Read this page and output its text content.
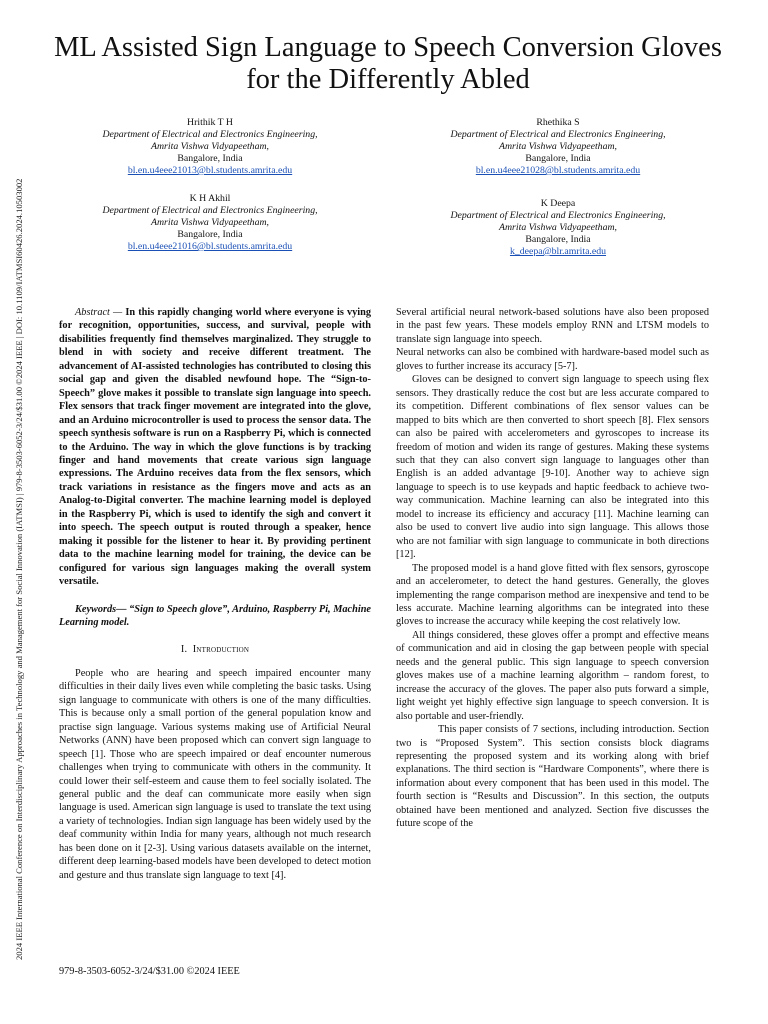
2024 IEEE International Conference on Interdisciplinary Approaches in Technology and Management for Social Innovation (IATMSI) | 979-8-3503-6052-3/24/$31.00 ©2024 IEEE | DOI: 10.1109/IATMSI60426.2024.10503002
ML Assisted Sign Language to Speech Conversion Gloves for the Differently Abled
Hrithik T H
Department of Electrical and Electronics Engineering,
Amrita Vishwa Vidyapeetham,
Bangalore, India
bl.en.u4eee21013@bl.students.amrita.edu
K H Akhil
Department of Electrical and Electronics Engineering,
Amrita Vishwa Vidyapeetham,
Bangalore, India
bl.en.u4eee21016@bl.students.amrita.edu
Rhethika S
Department of Electrical and Electronics Engineering,
Amrita Vishwa Vidyapeetham,
Bangalore, India
bl.en.u4eee21028@bl.students.amrita.edu
K Deepa
Department of Electrical and Electronics Engineering,
Amrita Vishwa Vidyapeetham,
Bangalore, India
k_deepa@blr.amrita.edu

Abstract — In this rapidly changing world where everyone is vying for recognition, opportunities, success, and survival, people with disabilities frequently find themselves marginalized. They struggle to blend in with society and receive different treatment. The advancement of AI-assisted technologies has contributed to closing this social gap and given the disabled newfound hope. The “Sign-to-Speech” glove makes it possible to translate sign language into speech. Flex sensors that track finger movement are integrated into the glove, and an Arduino microcontroller is used to process the sensor data. The speech synthesis software is run on a Raspberry Pi, which is connected to the Arduino. The way in which the glove functions is by tracking finger and hand movements that create various sign language expressions. The Arduino receives data from the flex sensors, which track variations in resistance as the fingers move and acts as an Analog-to-Digital converter. The machine learning model is deployed in the Raspberry Pi, which is used to identify the sigh and convert it into speech. The speech output is routed through a speaker, hence making it possible for the listener to hear it. By providing pertinent data to the machine learning model for training, the device can be configured for various sign languages making the overall system versatile.

Keywords— “Sign to Speech glove”, Arduino, Raspberry Pi, Machine Learning model.

I. Introduction

People who are hearing and speech impaired encounter many difficulties in their daily lives even while completing the basic tasks. Using sign language to communicate with others is one of the many difficulties. This is because only a small portion of the general population know and practise sign language. Various systems making use of Artificial Neural Networks (ANN) have been proposed which can convert sign language to speech [1]. Those who are speech impaired or deaf encounter numerous challenges when trying to communicate with others in the community. It could lower their self-esteem and cause them to feel socially isolated. The general public and the deaf can communicate more easily when sign language is used. American sign language is used to translate the text using a variety of technologies. Indian sign language has been widely used by the deaf community within India for many years, although not much research has been done on it [2-3]. Using various datasets available on the internet, different deep learning-based models have been developed to detect motion and gesture and thus translate sign language to text [4].

Several artificial neural network-based solutions have also been proposed in the past few years. These models employ RNN and LTSM models to translate sign language into speech.

Neural networks can also be combined with hardware-based model such as gloves to further increase its accuracy [5-7].

Gloves can be designed to convert sign language to speech using flex sensors. They drastically reduce the cost but are less accurate compared to its competition. Different combinations of flex sensor values can be mapped to bits which are then converted to short speech [8]. Flex sensors can also be paired with accelerometers and gyroscopes to increase its freedom of motion and widen its range of gestures. Making these systems such that they can also convert sign language to languages other than English is an added advantage [9-10]. Another way to achieve sign language to speech is to use keypads and haptic feedback to achieve two-way communication. Machine learning can also be integrated into this model to increase its efficiency and accuracy [11]. Machine learning can also be used to convert live audio into sign language. This allows those who are not familiar with sign language to communicate in both directions [12].

The proposed model is a hand glove fitted with flex sensors, gyroscope and an accelerometer, to detect the hand gestures. Generally, the gloves implementing the range comparison method are inexpensive and tend to be less accurate. Machine learning algorithms can be integrated into these gloves to increase the accuracy while keeping the cost relatively low.

All things considered, these gloves offer a prompt and effective means of communication and aid in closing the gap between people with special needs and the general public. This sign language to speech conversion gloves makes use of a machine learning algorithm – random forest, to increase the accuracy of the gloves. The paper also puts forward a simple, light weight yet highly effective sign language to speech conversion. It is also portable and user-friendly.

This paper consists of 7 sections, including introduction. Section two is “Proposed System”. This section consists block diagrams representing the proposed system and its working along with brief explanations. The third section is “Hardware Components”, where there is information about every component that has been used in this model. The fourth section is “Results and Discussion”. In this section, the outputs obtained have been mentioned and analyzed. Section five discusses the future scope of the

979-8-3503-6052-3/24/$31.00 ©2024 IEEE
